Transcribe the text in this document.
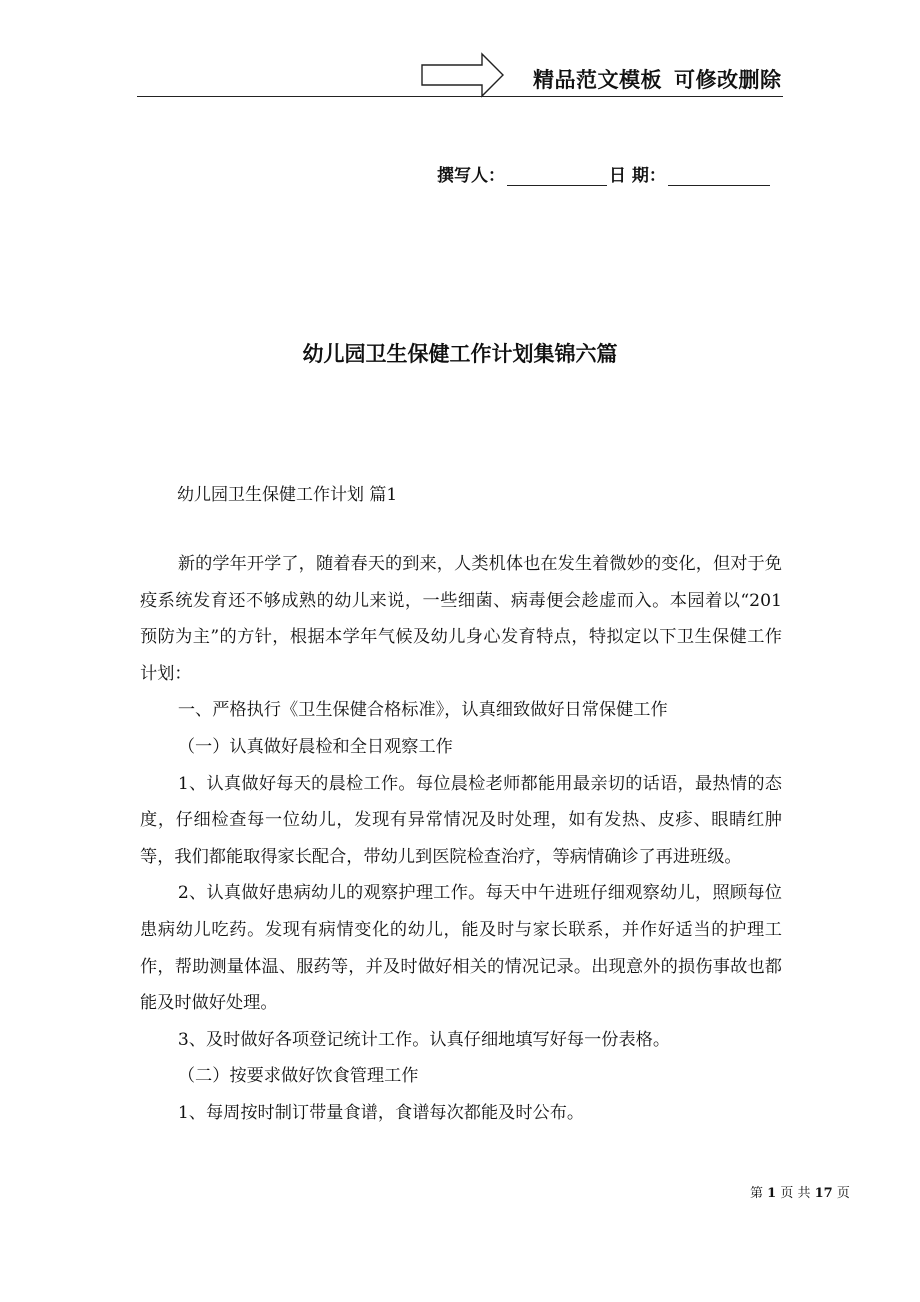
精品范文模板 可修改删除
撰写人：	日 期：
幼儿园卫生保健工作计划集锦六篇
幼儿园卫生保健工作计划 篇1

新的学年开学了，随着春天的到来，人类机体也在发生着微妙的变化，但对于免疫系统发育还不够成熟的幼儿来说，一些细菌、病毒便会趁虚而入。本园着以“201预防为主”的方针，根据本学年气候及幼儿身心发育特点，特拟定以下卫生保健工作计划：

一、严格执行《卫生保健合格标准》，认真细致做好日常保健工作

（一）认真做好晨检和全日观察工作

1、认真做好每天的晨检工作。每位晨检老师都能用最亲切的话语，最热情的态度，仔细检查每一位幼儿，发现有异常情况及时处理，如有发热、皮疹、眼睛红肿等，我们都能取得家长配合，带幼儿到医院检查治疗，等病情确诊了再进班级。

2、认真做好患病幼儿的观察护理工作。每天中午进班仔细观察幼儿，照顾每位患病幼儿吃药。发现有病情变化的幼儿，能及时与家长联系，并作好适当的护理工作，帮助测量体温、服药等，并及时做好相关的情况记录。出现意外的损伤事故也都能及时做好处理。

3、及时做好各项登记统计工作。认真仔细地填写好每一份表格。

（二）按要求做好饮食管理工作

1、每周按时制订带量食谱，食谱每次都能及时公布。

第 1 页 共 17 页
